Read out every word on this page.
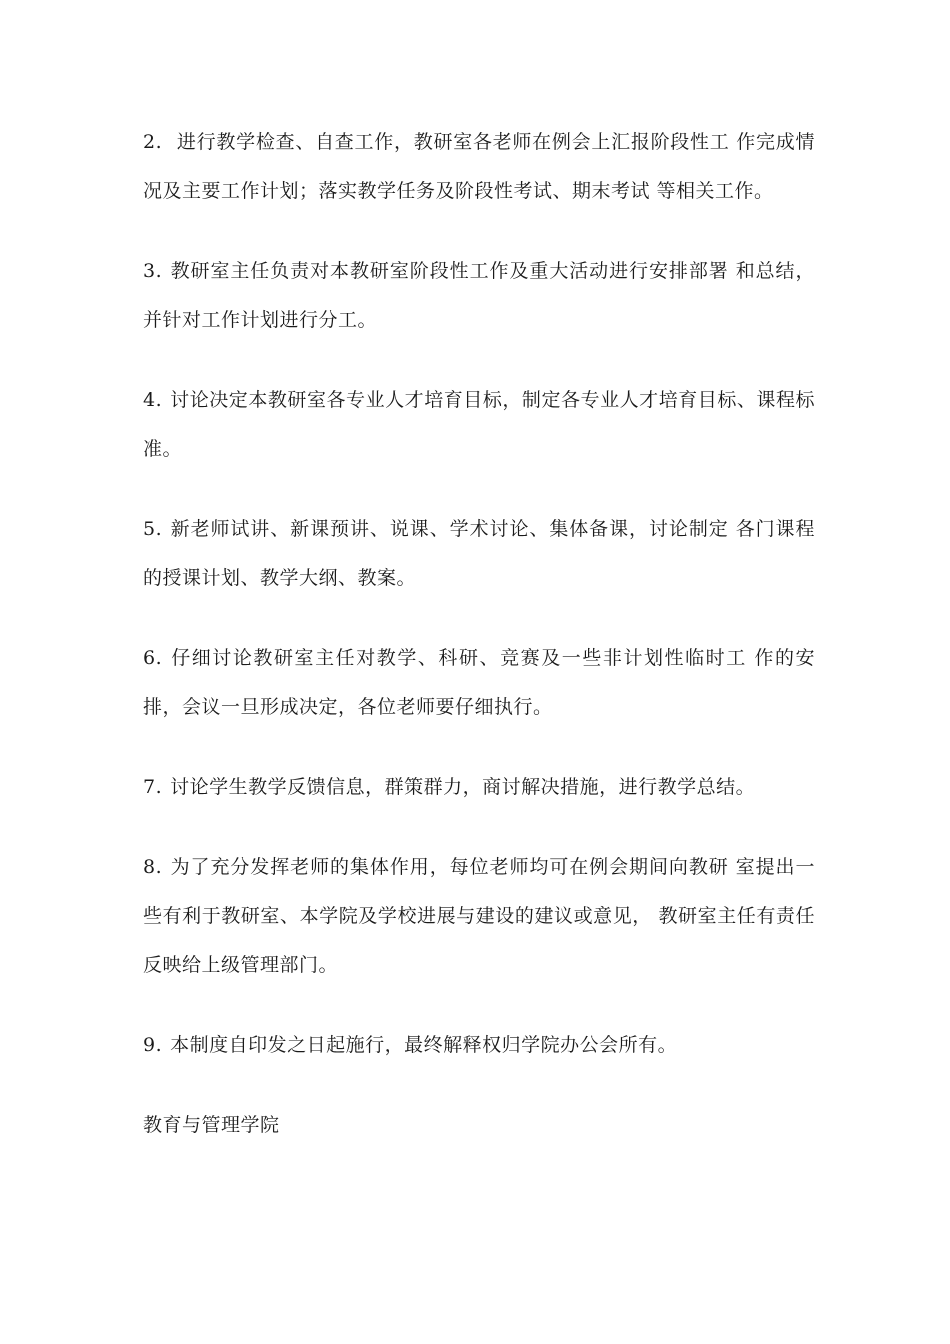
2. 进行教学检查、自查工作，教研室各老师在例会上汇报阶段性工 作完成情况及主要工作计划；落实教学任务及阶段性考试、期末考试 等相关工作。

3. 教研室主任负责对本教研室阶段性工作及重大活动进行安排部署 和总结，并针对工作计划进行分工。

4. 讨论决定本教研室各专业人才培育目标，制定各专业人才培育目标、课程标准。

5. 新老师试讲、新课预讲、说课、学术讨论、集体备课，讨论制定 各门课程的授课计划、教学大纲、教案。

6. 仔细讨论教研室主任对教学、科研、竞赛及一些非计划性临时工 作的安排，会议一旦形成决定，各位老师要仔细执行。

7. 讨论学生教学反馈信息，群策群力，商讨解决措施，进行教学总结。

8. 为了充分发挥老师的集体作用，每位老师均可在例会期间向教研 室提出一些有利于教研室、本学院及学校进展与建设的建议或意见， 教研室主任有责任反映给上级管理部门。

9. 本制度自印发之日起施行，最终解释权归学院办公会所有。

教育与管理学院
